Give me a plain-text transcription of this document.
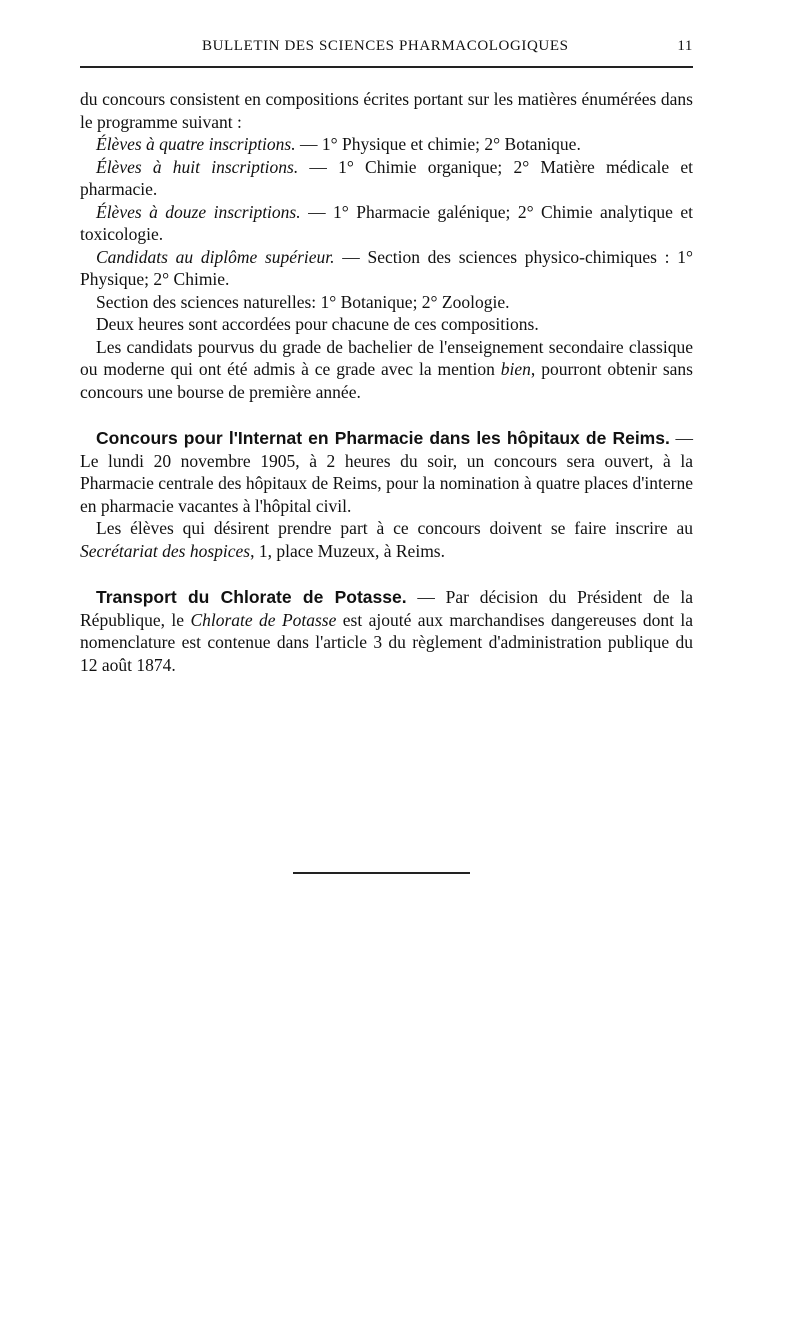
BULLETIN DES SCIENCES PHARMACOLOGIQUES	11

du concours consistent en compositions écrites portant sur les matières énumérées dans le programme suivant :

Élèves à quatre inscriptions. — 1° Physique et chimie; 2° Botanique.

Élèves à huit inscriptions. — 1° Chimie organique; 2° Matière médicale et pharmacie.

Élèves à douze inscriptions. — 1° Pharmacie galénique; 2° Chimie analytique et toxicologie.

Candidats au diplôme supérieur. — Section des sciences physico-chimiques : 1° Physique; 2° Chimie.

Section des sciences naturelles: 1° Botanique; 2° Zoologie.

Deux heures sont accordées pour chacune de ces compositions.

Les candidats pourvus du grade de bachelier de l'enseignement secondaire classique ou moderne qui ont été admis à ce grade avec la mention bien, pourront obtenir sans concours une bourse de première année.

Concours pour l'Internat en Pharmacie dans les hôpitaux de Reims. — Le lundi 20 novembre 1905, à 2 heures du soir, un concours sera ouvert, à la Pharmacie centrale des hôpitaux de Reims, pour la nomination à quatre places d'interne en pharmacie vacantes à l'hôpital civil.

Les élèves qui désirent prendre part à ce concours doivent se faire inscrire au Secrétariat des hospices, 1, place Muzeux, à Reims.

Transport du Chlorate de Potasse. — Par décision du Président de la République, le Chlorate de Potasse est ajouté aux marchandises dangereuses dont la nomenclature est contenue dans l'article 3 du règlement d'administration publique du 12 août 1874.
